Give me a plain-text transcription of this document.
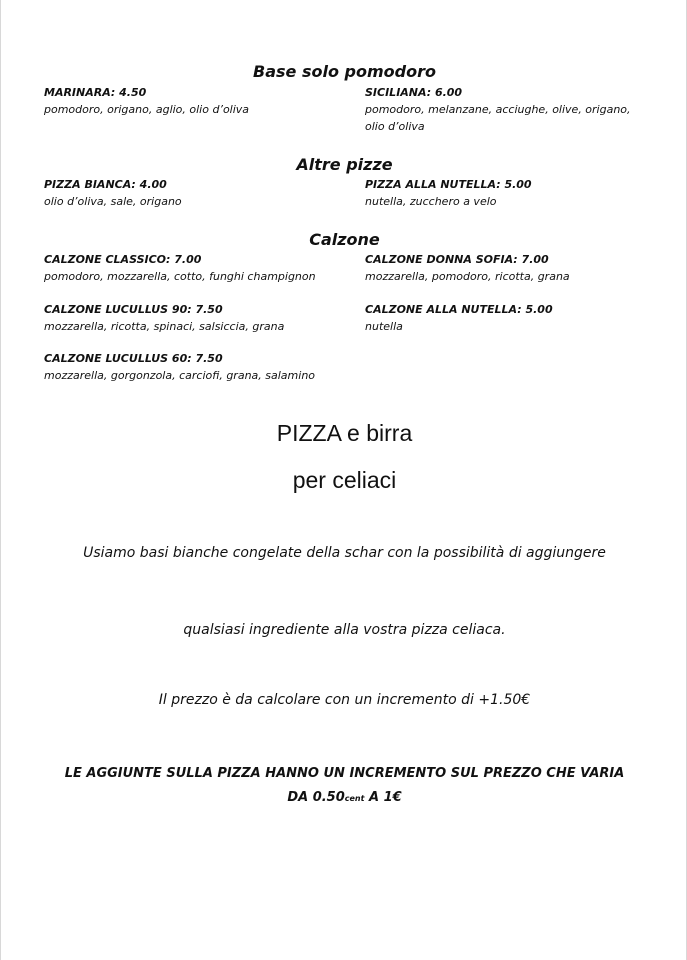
Base solo pomodoro
MARINARA: 4.50
pomodoro, origano, aglio, olio d’oliva
SICILIANA: 6.00
pomodoro, melanzane, acciughe, olive, origano, olio d’oliva
Altre pizze
PIZZA BIANCA: 4.00
olio d’oliva, sale, origano
PIZZA ALLA NUTELLA: 5.00
nutella, zucchero a velo
Calzone
CALZONE CLASSICO: 7.00
pomodoro, mozzarella, cotto, funghi champignon
CALZONE DONNA SOFIA: 7.00
mozzarella, pomodoro, ricotta, grana
CALZONE LUCULLUS 90: 7.50
mozzarella, ricotta, spinaci, salsiccia, grana
CALZONE ALLA NUTELLA: 5.00
nutella
CALZONE LUCULLUS 60: 7.50
mozzarella, gorgonzola, carciofi, grana, salamino
PIZZA e birra
per celiaci
Usiamo basi bianche congelate della schar con la possibilità di aggiungere
qualsiasi ingrediente alla vostra pizza celiaca.
Il prezzo è da calcolare con un incremento di +1.50€
LE AGGIUNTE SULLA PIZZA HANNO UN INCREMENTO SUL PREZZO CHE VARIA
DA 0.50cent A 1€
